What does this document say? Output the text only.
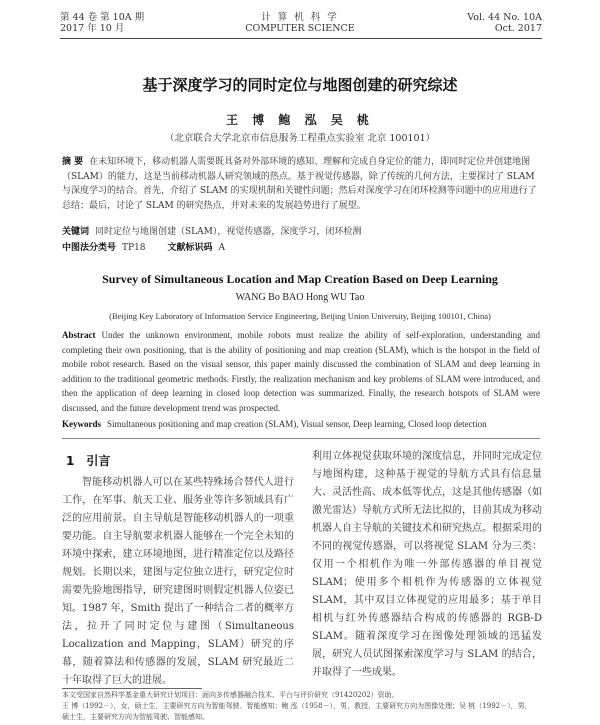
第 44 卷 第 10A 期
2017 年 10 月
计 算 机 科 学
COMPUTER SCIENCE
Vol. 44 No. 10A
Oct. 2017
基于深度学习的同时定位与地图创建的研究综述
王 博 鲍 泓 吴 桃
（北京联合大学北京市信息服务工程重点实验室 北京 100101）
摘 要 在未知环境下，移动机器人需要既具备对外部环境的感知、理解和完成自身定位的能力，即同时定位并创建地图（SLAM）的能力，这是当前移动机器人研究领域的热点。基于视觉传感器，除了传统的几何方法，主要探讨了 SLAM 与深度学习的结合。首先，介绍了 SLAM 的实现机制和关键性问题；然后对深度学习在闭环检测等问题中的应用进行了总结；最后，讨论了 SLAM 的研究热点，并对未来的发展趋势进行了展望。
关键词 同时定位与地图创建（SLAM），视觉传感器，深度学习，闭环检测
中图法分类号 TP18 文献标识码 A
Survey of Simultaneous Location and Map Creation Based on Deep Learning
WANG Bo BAO Hong WU Tao
(Beijing Key Laboratory of Information Service Engineering, Beijing Union University, Beijing 100101, China)
Abstract Under the unknown environment, mobile robots must realize the ability of self-exploration, understanding and completing their own positioning, that is the ability of positioning and map creation (SLAM), which is the hotspot in the field of mobile robot research. Based on the visual sensor, this paper mainly discussed the combination of SLAM and deep learning in addition to the traditional geometric methods. Firstly, the realization mechanism and key problems of SLAM were introduced, and then the application of deep learning in closed loop detection was summarized. Finally, the research hotspots of SLAM were discussed, and the future development trend was prospected.
Keywords Simultaneous positioning and map creation (SLAM), Visual sensor, Deep learning, Closed loop detection
1 引言
智能移动机器人可以在某些特殊场合替代人进行工作，在军事、航天工业、服务业等许多领域具有广泛的应用前景。自主导航是智能移动机器人的一项重要功能。自主导航要求机器人能够在一个完全未知的环境中探索，建立环境地图，进行精准定位以及路径规划。长期以来，建图与定位独立进行，研究定位时需要先验地图指导，研究建图时则假定机器人位姿已知。1987 年，Smith 提出了一种结合二者的概率方法，拉开了同时定位与建图（Simultaneous Localization and Mapping，SLAM）研究的序幕，随着算法和传感器的发展，SLAM 研究最近二十年取得了巨大的进展。
利用立体视觉获取环境的深度信息，并同时完成定位与地图构建，这种基于视觉的导航方式具有信息量大、灵活性高、成本低等优点，这是其他传感器（如激光雷达）导航方式所无法比拟的，目前其成为移动机器人自主导航的关键技术和研究热点。根据采用的不同的视觉传感器，可以将视觉 SLAM 分为三类：仅用一个相机作为唯一外部传感器的单目视觉 SLAM；使用多个相机作为传感器的立体视觉 SLAM，其中双目立体视觉的应用最多；基于单目相机与红外传感器结合构成的传感器的 RGB-D SLAM。随着深度学习在图像处理领域的迅猛发展，研究人员试图探索深度学习与 SLAM 的结合，并取得了一些成果。
本文受国家自然科学基金重大研究计划项目：面向多传感器融合技术、平台与评价研究（91420202）资助。
王 博（1992－），女，硕士生，主要研究方向为智能驾驶、智能感知；鲍 泓（1958－），男，教授，主要研究方向为图像处理；吴 桃（1992－），男，
硕士生，主要研究方向为智能驾驶、智能感知。
